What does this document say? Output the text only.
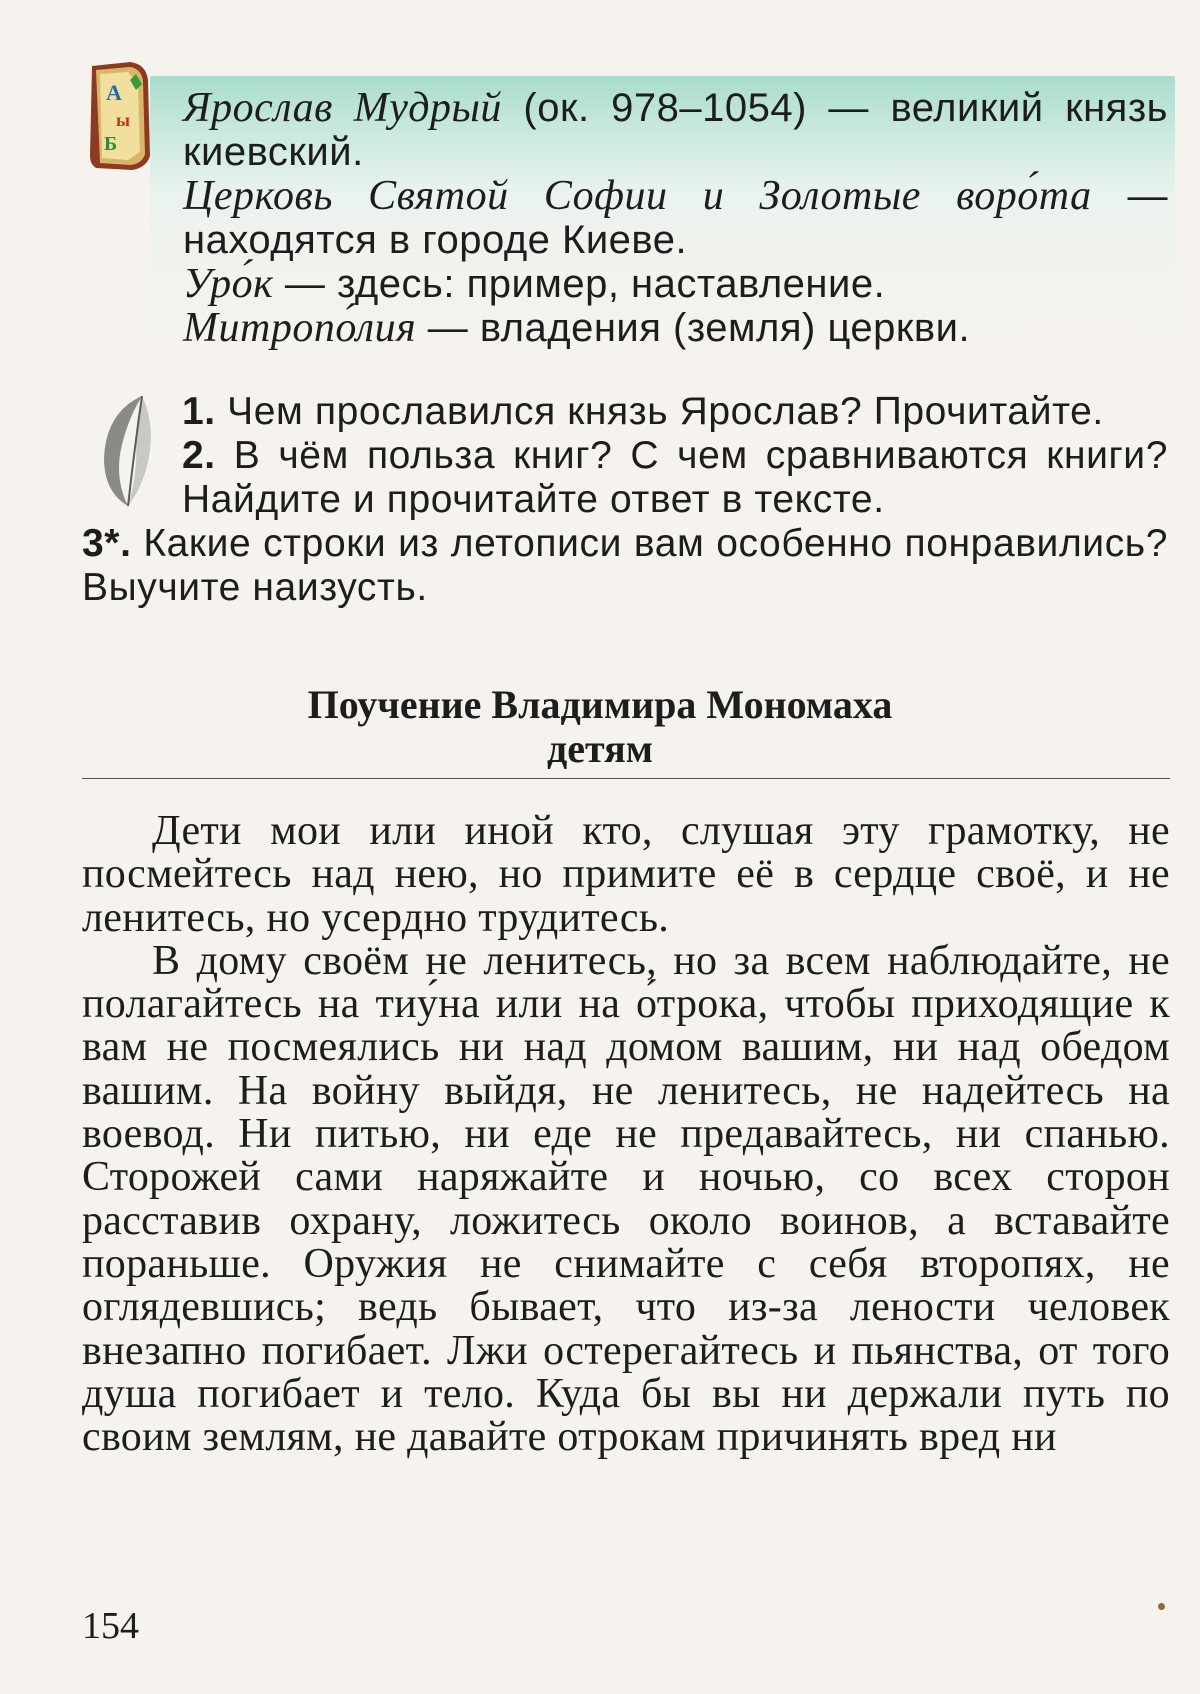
А
ы
Б

Ярослав Мудрый (ок. 978–1054) — великий князь киевский.

Церковь Святой Софии и Золотые воро́та — находятся в городе Киеве.

Уро́к — здесь: пример, наставление.

Митропо́лия — владения (земля) церкви.

1. Чем прославился князь Ярослав? Прочитайте.

2. В чём польза книг? С чем сравниваются книги? Найдите и прочитайте ответ в тексте.

3*. Какие строки из летописи вам особенно понравились? Выучите наизусть.

Поучение Владимира Мономаха
детям

Дети мои или иной кто, слушая эту грамотку, не посмейтесь над нею, но примите её в сердце своё, и не ленитесь, но усердно трудитесь.

В дому своём не ленитесь, но за всем наблюдайте, не полагайтесь на тиу́на или на о́трока, чтобы приходящие к вам не посмеялись ни над домом вашим, ни над обедом вашим. На войну выйдя, не ленитесь, не надейтесь на воевод. Ни питью, ни еде не предавайтесь, ни спанью. Сторожей сами наряжайте и ночью, со всех сторон расставив охрану, ложитесь около воинов, а вставайте пораньше. Оружия не снимайте с себя второпях, не оглядевшись; ведь бывает, что из-за лености человек внезапно погибает. Лжи остерегайтесь и пьянства, от того душа погибает и тело. Куда бы вы ни держали путь по своим землям, не давайте отрокам причинять вред ни

154
